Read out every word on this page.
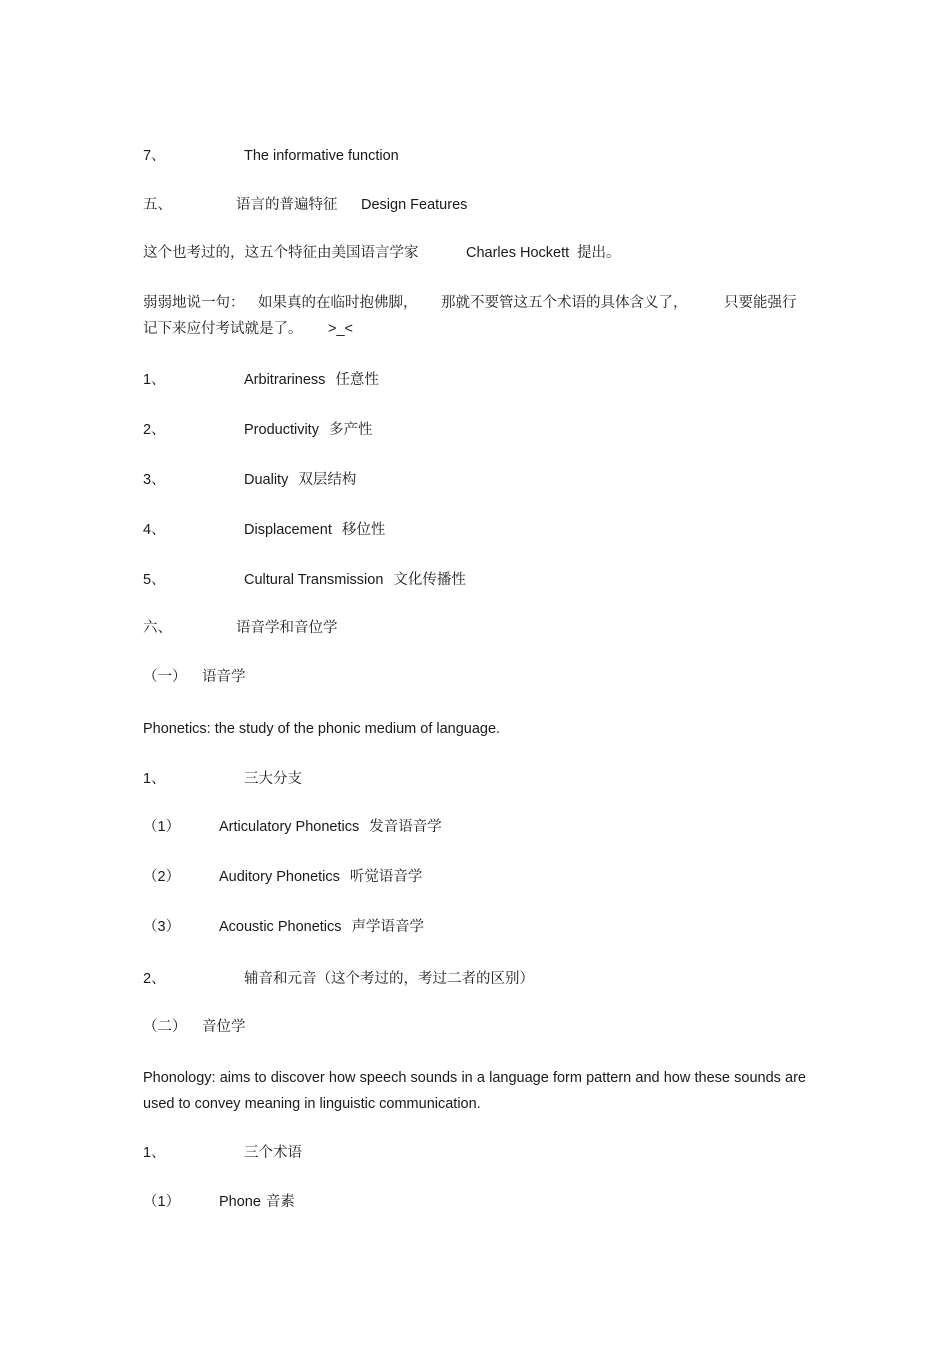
7、	The informative function
五、	语言的普遍特征 Design Features
这个也考过的，这五个特征由美国语言学家	Charles Hockett 提出。
弱弱地说一句： 如果真的在临时抱佛脚， 那就不要管这五个术语的具体含义了，	只要能强行
记下来应付考试就是了。 >_<
1、	Arbitrariness 任意性
2、	Productivity 多产性
3、	Duality 双层结构
4、	Displacement 移位性
5、	Cultural Transmission 文化传播性
六、	语音学和音位学
（一） 语音学
Phonetics: the study of the phonic medium of language.
1、	三大分支
（1）	Articulatory Phonetics 发音语音学
（2）	Auditory Phonetics 听觉语音学
（3）	Acoustic Phonetics 声学语音学
2、	辅音和元音（这个考过的，考过二者的区别）
（二） 音位学
Phonology: aims to discover how speech sounds in a language form pattern and how these sounds are used to convey meaning in linguistic communication.
1、	三个术语
（1）	Phone 音素
